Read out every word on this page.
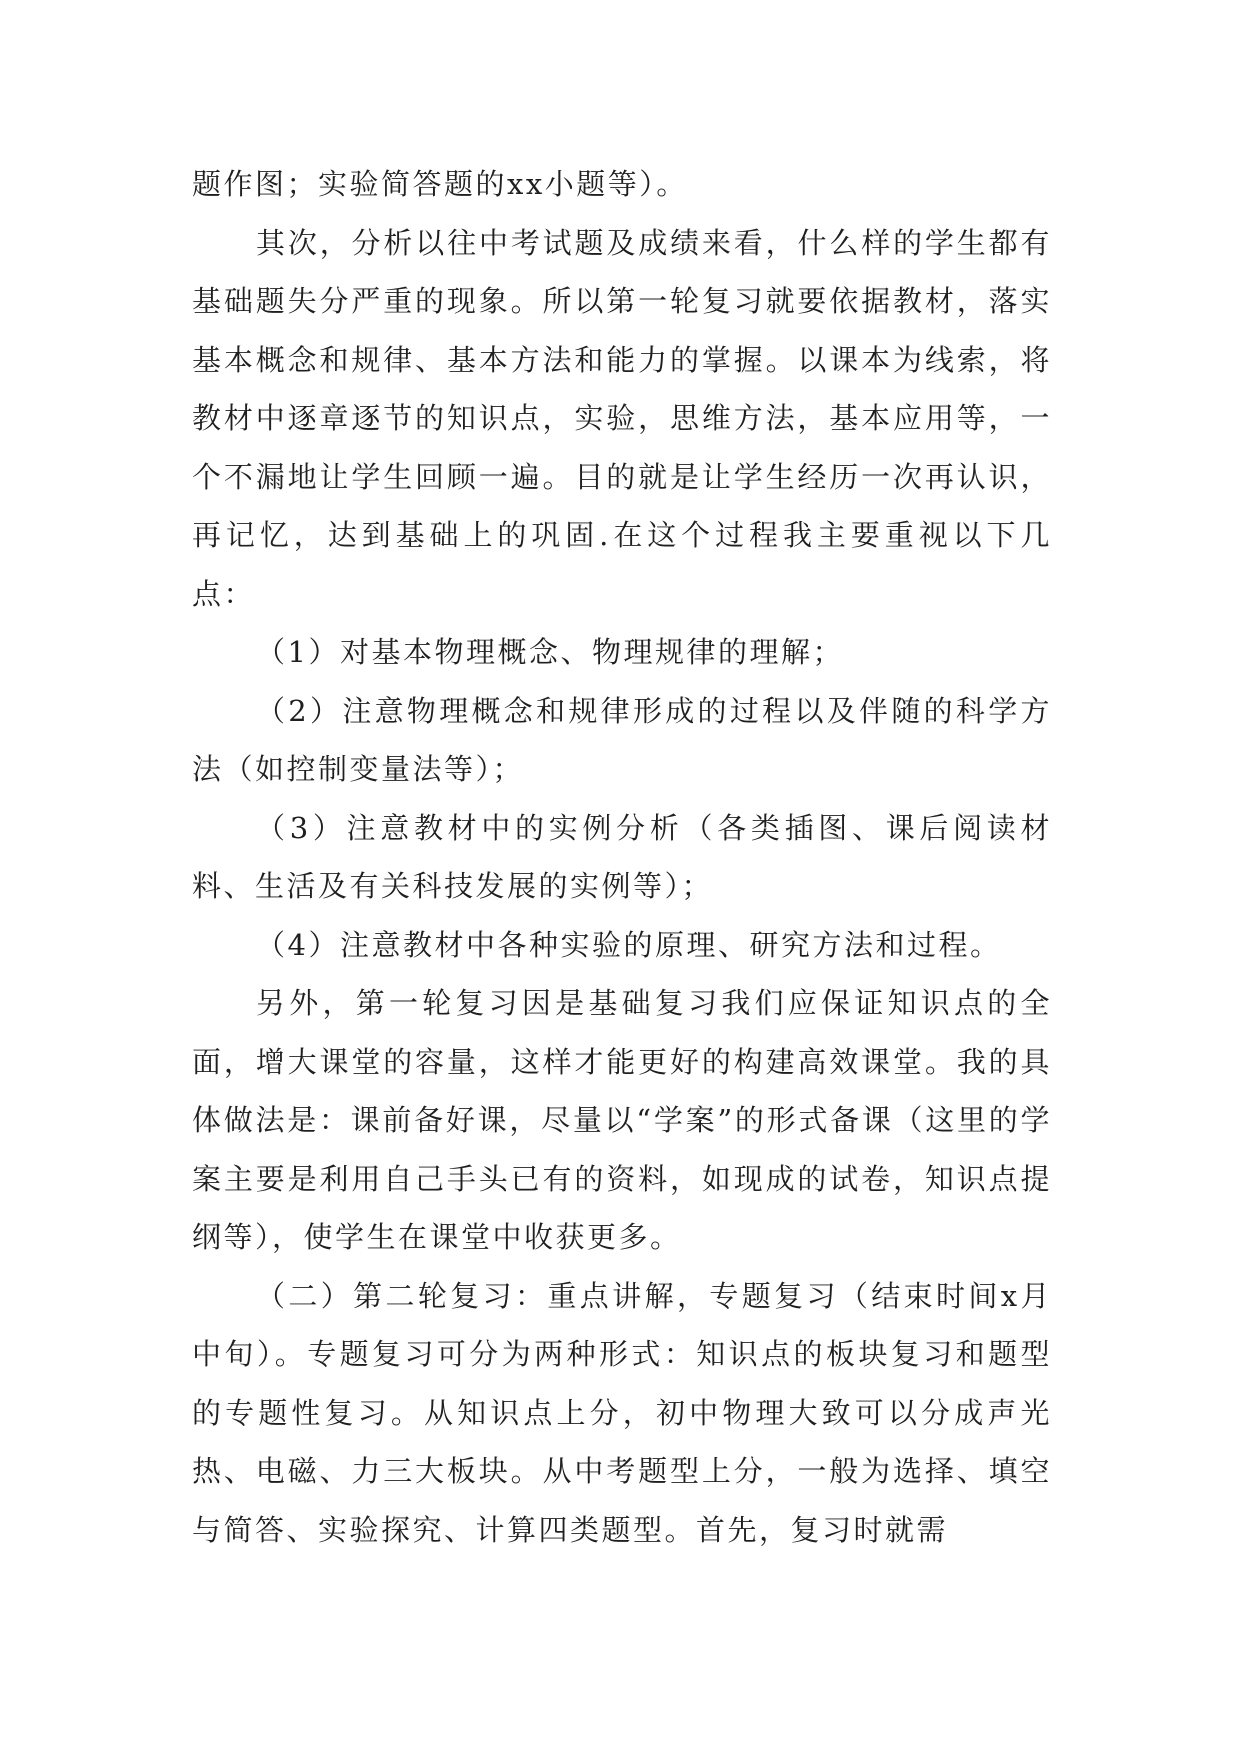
题作图；实验简答题的xx小题等）。

其次，分析以往中考试题及成绩来看，什么样的学生都有基础题失分严重的现象。所以第一轮复习就要依据教材，落实基本概念和规律、基本方法和能力的掌握。以课本为线索，将教材中逐章逐节的知识点，实验，思维方法，基本应用等，一个不漏地让学生回顾一遍。目的就是让学生经历一次再认识，再记忆，达到基础上的巩固.在这个过程我主要重视以下几点：

（1）对基本物理概念、物理规律的理解；

（2）注意物理概念和规律形成的过程以及伴随的科学方法（如控制变量法等）；

（3）注意教材中的实例分析（各类插图、课后阅读材料、生活及有关科技发展的实例等）；

（4）注意教材中各种实验的原理、研究方法和过程。

另外，第一轮复习因是基础复习我们应保证知识点的全面，增大课堂的容量，这样才能更好的构建高效课堂。我的具体做法是：课前备好课，尽量以“学案”的形式备课（这里的学案主要是利用自己手头已有的资料，如现成的试卷，知识点提纲等），使学生在课堂中收获更多。

（二）第二轮复习：重点讲解，专题复习（结束时间x月中旬）。专题复习可分为两种形式：知识点的板块复习和题型的专题性复习。从知识点上分，初中物理大致可以分成声光热、电磁、力三大板块。从中考题型上分，一般为选择、填空与简答、实验探究、计算四类题型。首先，复习时就需
